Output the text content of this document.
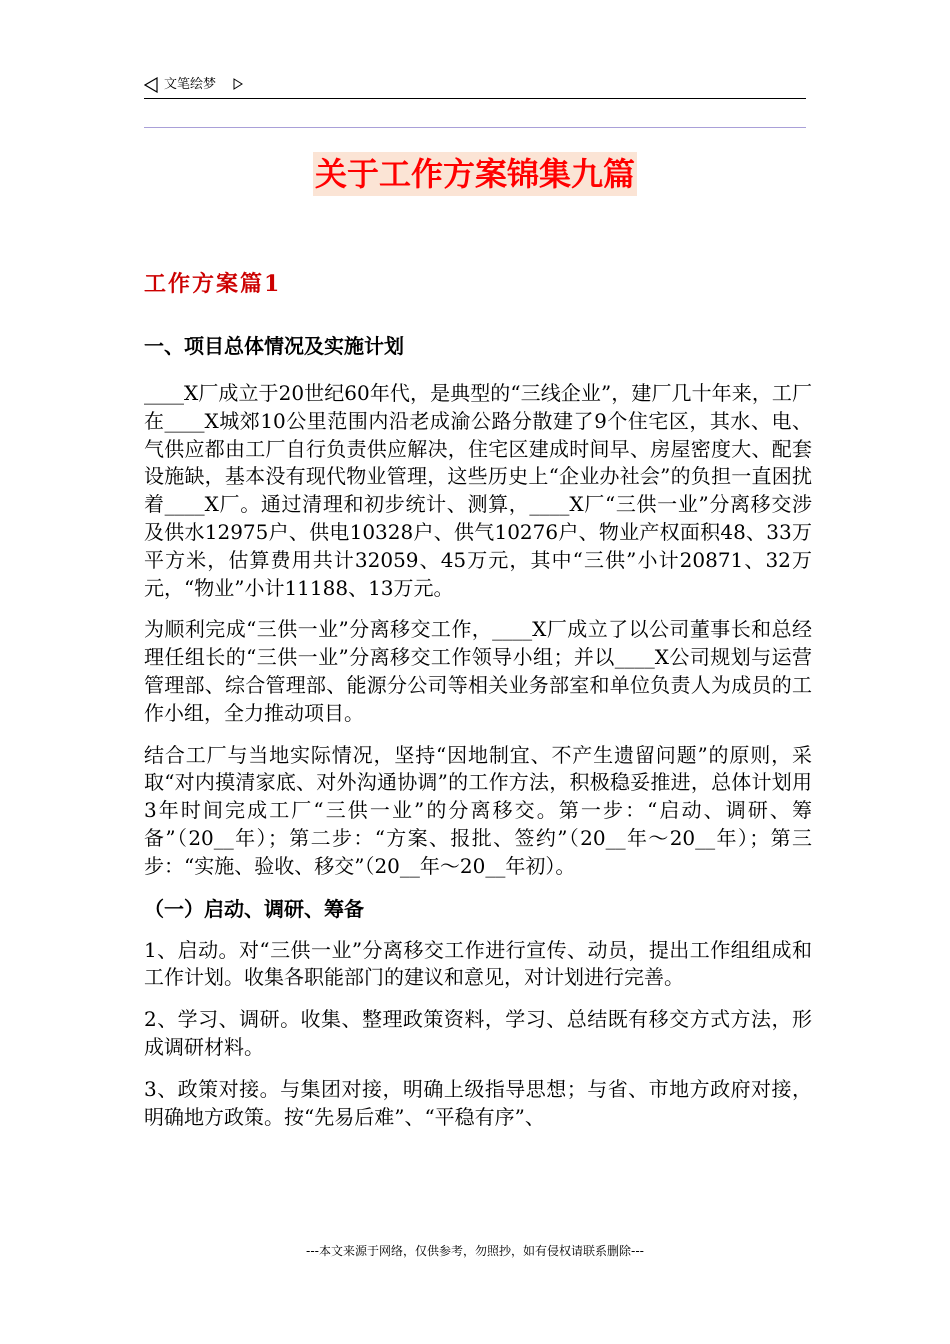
文笔绘梦
关于工作方案锦集九篇

工作方案篇1

一、项目总体情况及实施计划

____X厂成立于20世纪60年代，是典型的“三线企业”，建厂几十年来，工厂在____X城郊10公里范围内沿老成渝公路分散建了9个住宅区，其水、电、气供应都由工厂自行负责供应解决，住宅区建成时间早、房屋密度大、配套设施缺，基本没有现代物业管理，这些历史上“企业办社会”的负担一直困扰着____X厂。通过清理和初步统计、测算，____X厂“三供一业”分离移交涉及供水12975户、供电10328户、供气10276户、物业产权面积48、33万平方米，估算费用共计32059、45万元，其中“三供”小计20871、32万元，“物业”小计11188、13万元。

为顺利完成“三供一业”分离移交工作，____X厂成立了以公司董事长和总经理任组长的“三供一业”分离移交工作领导小组；并以____X公司规划与运营管理部、综合管理部、能源分公司等相关业务部室和单位负责人为成员的工作小组，全力推动项目。

结合工厂与当地实际情况，坚持“因地制宜、不产生遗留问题”的原则，采取“对内摸清家底、对外沟通协调”的工作方法，积极稳妥推进，总体计划用3年时间完成工厂“三供一业”的分离移交。第一步：“启动、调研、筹备”（20__年）；第二步：“方案、报批、签约”（20__年～20__年）；第三步：“实施、验收、移交”（20__年～20__年初）。

（一）启动、调研、筹备

1、启动。对“三供一业”分离移交工作进行宣传、动员，提出工作组组成和工作计划。收集各职能部门的建议和意见，对计划进行完善。

2、学习、调研。收集、整理政策资料，学习、总结既有移交方式方法，形成调研材料。

3、政策对接。与集团对接，明确上级指导思想；与省、市地方政府对接，明确地方政策。按“先易后难”、“平稳有序”、

---本文来源于网络，仅供参考，勿照抄，如有侵权请联系删除---
